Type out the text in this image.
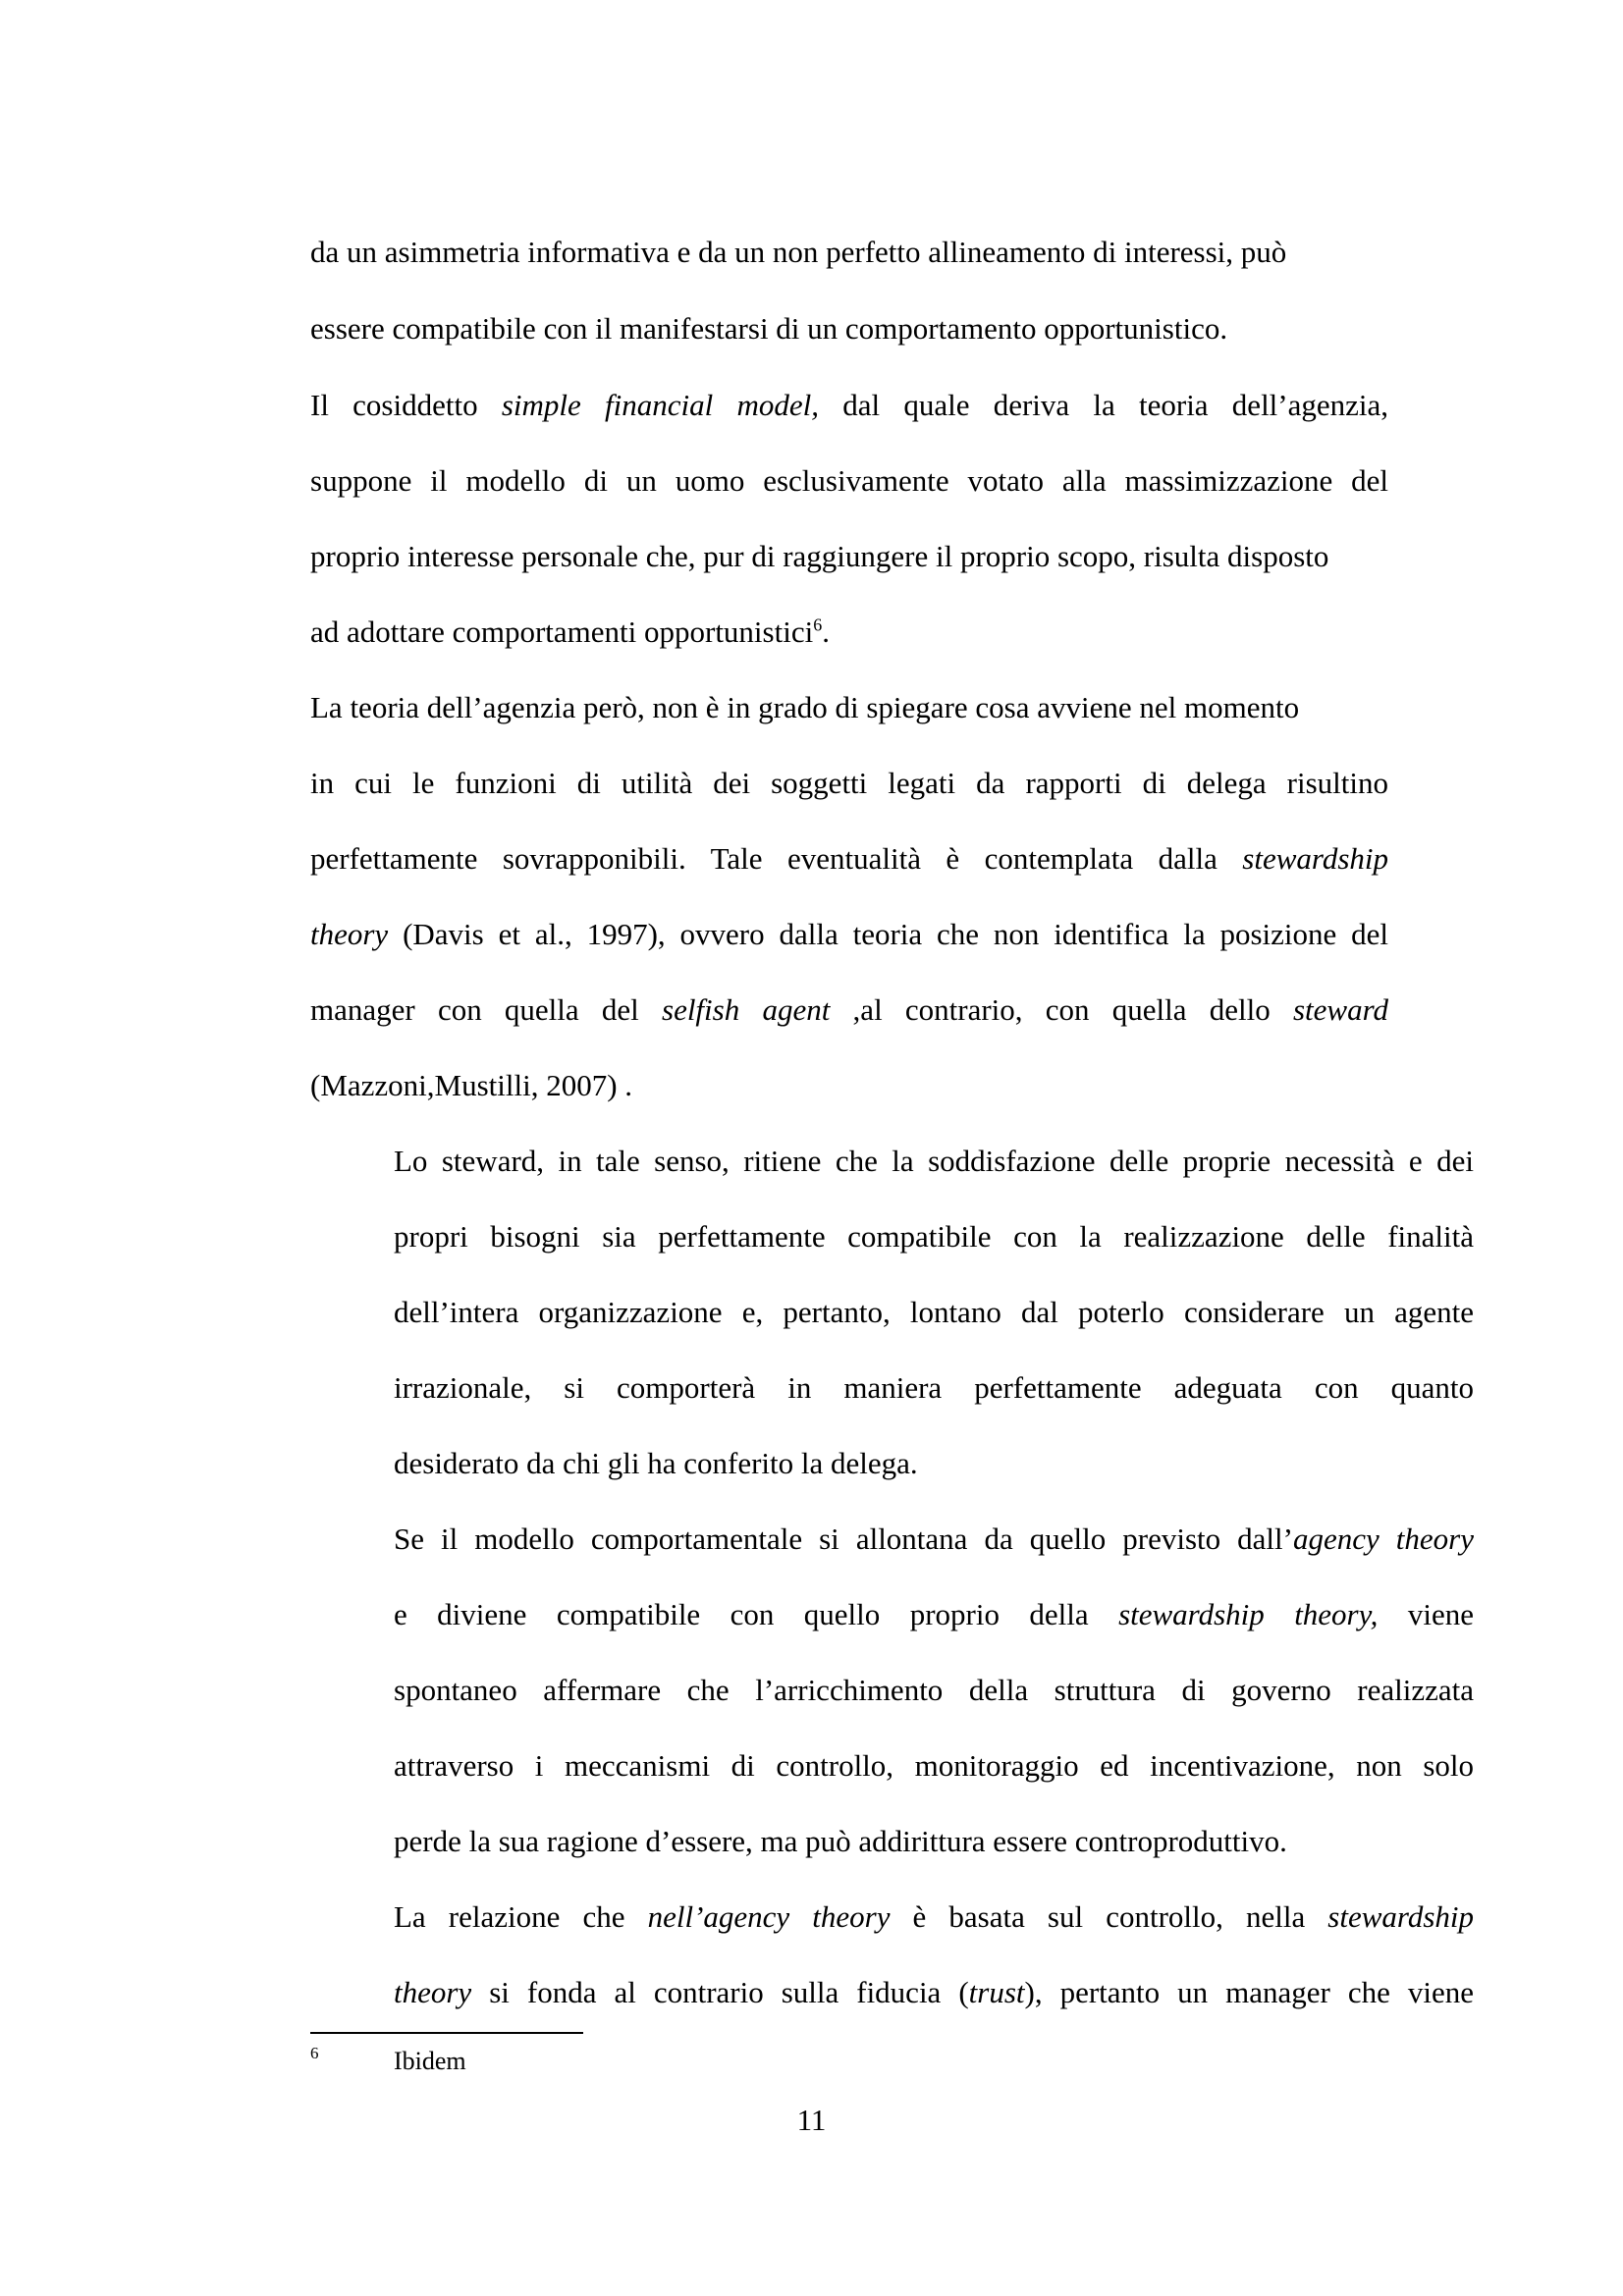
da un asimmetria informativa e da un non perfetto allineamento di interessi, può

essere compatibile con il manifestarsi di un comportamento opportunistico.

Il cosiddetto simple financial model, dal quale deriva la teoria dell’agenzia,

suppone il modello di un uomo esclusivamente votato alla massimizzazione del

proprio interesse personale che, pur di raggiungere il proprio scopo, risulta disposto

ad adottare comportamenti opportunistici$^6$.

La teoria dell’agenzia però, non è in grado di spiegare cosa avviene nel momento

in cui le funzioni di utilità dei soggetti legati da rapporti di delega risultino

perfettamente sovrapponibili. Tale eventualità è contemplata dalla stewardship

theory (Davis et al., 1997), ovvero dalla teoria che non identifica la posizione del

manager con quella del selfish agent ,al contrario, con quella dello steward

(Mazzoni,Mustilli, 2007) .

Lo steward, in tale senso, ritiene che la soddisfazione delle proprie necessità e dei

propri bisogni sia perfettamente compatibile con la realizzazione delle finalità

dell’intera organizzazione e, pertanto, lontano dal poterlo considerare un agente

irrazionale, si comporterà in maniera perfettamente adeguata con quanto

desiderato da chi gli ha conferito la delega.

Se il modello comportamentale si allontana da quello previsto dall’agency theory

e diviene compatibile con quello proprio della stewardship theory, viene

spontaneo affermare che l’arricchimento della struttura di governo realizzata

attraverso i meccanismi di controllo, monitoraggio ed incentivazione, non solo

perde la sua ragione d’essere, ma può addirittura essere controproduttivo.

La relazione che nell’agency theory è basata sul controllo, nella stewardship

theory si fonda al contrario sulla fiducia (trust), pertanto un manager che viene

6	Ibidem
11
